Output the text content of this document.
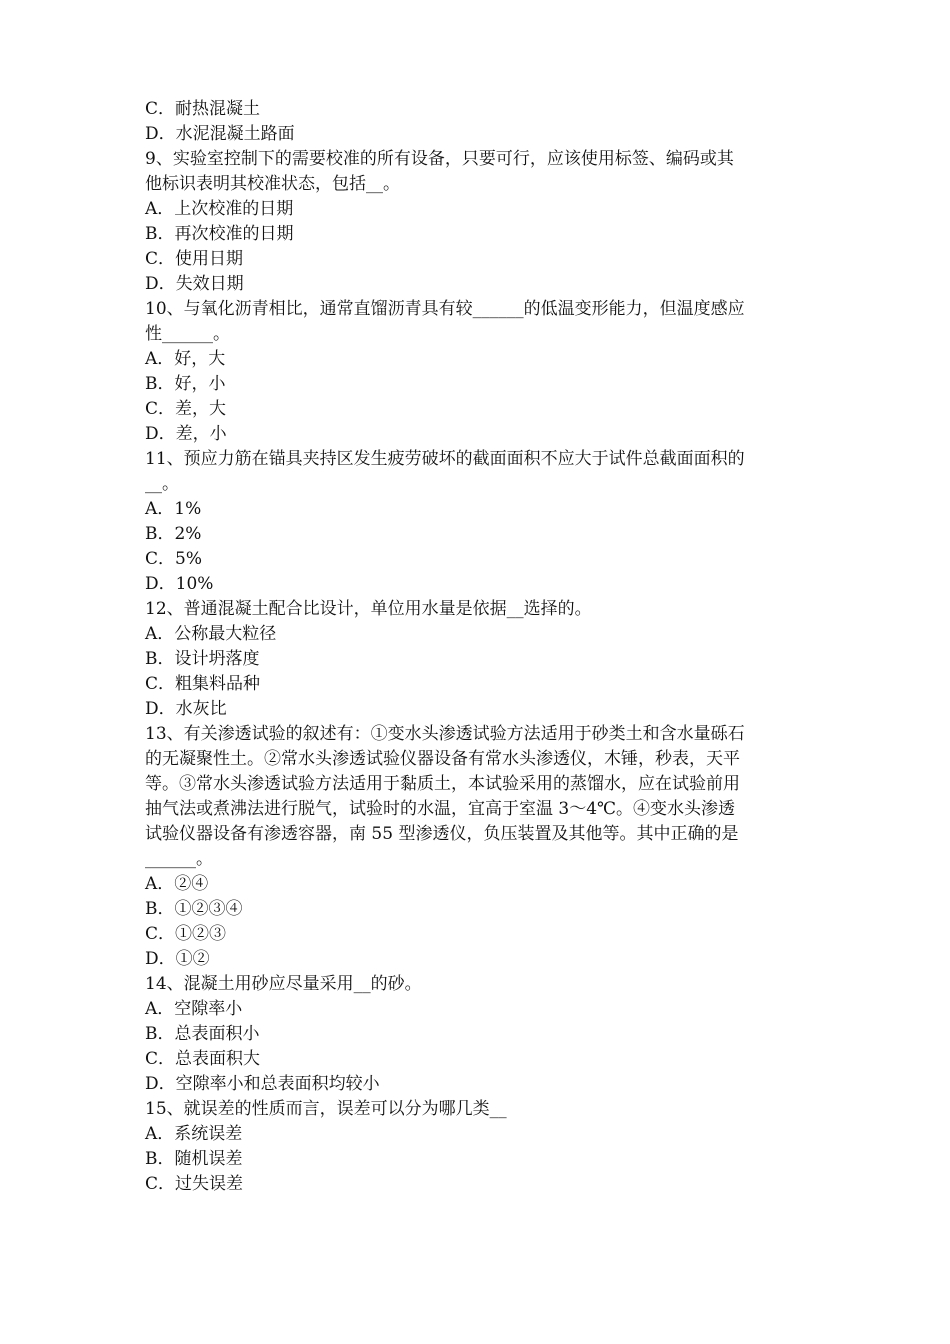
C．耐热混凝土
D．水泥混凝土路面
9、实验室控制下的需要校准的所有设备，只要可行，应该使用标签、编码或其
他标识表明其校准状态，包括__。
A．上次校准的日期
B．再次校准的日期
C．使用日期
D．失效日期
10、与氧化沥青相比，通常直馏沥青具有较______的低温变形能力，但温度感应
性______。
A．好，大
B．好，小
C．差，大
D．差，小
11、预应力筋在锚具夹持区发生疲劳破坏的截面面积不应大于试件总截面面积的
__。
A．1%
B．2%
C．5%
D．10%
12、普通混凝土配合比设计，单位用水量是依据__选择的。
A．公称最大粒径
B．设计坍落度
C．粗集料品种
D．水灰比
13、有关渗透试验的叙述有：①变水头渗透试验方法适用于砂类土和含水量砾石
的无凝聚性土。②常水头渗透试验仪器设备有常水头渗透仪，木锤，秒表，天平
等。③常水头渗透试验方法适用于黏质土，本试验采用的蒸馏水，应在试验前用
抽气法或煮沸法进行脱气，试验时的水温，宜高于室温 3～4℃。④变水头渗透
试验仪器设备有渗透容器，南 55 型渗透仪，负压装置及其他等。其中正确的是
______。
A．②④
B．①②③④
C．①②③
D．①②
14、混凝土用砂应尽量采用__的砂。
A．空隙率小
B．总表面积小
C．总表面积大
D．空隙率小和总表面积均较小
15、就误差的性质而言，误差可以分为哪几类__
A．系统误差
B．随机误差
C．过失误差
